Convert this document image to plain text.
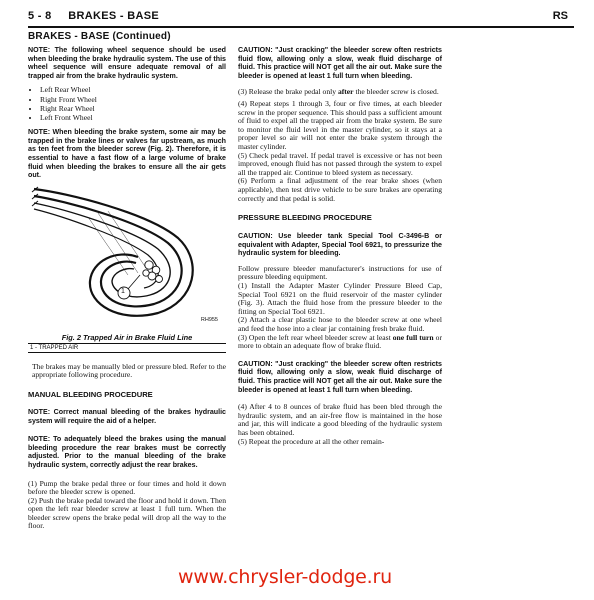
5 - 8     BRAKES - BASE	RS
BRAKES - BASE (Continued)

NOTE: The following wheel sequence should be used when bleeding the brake hydraulic system. The use of this wheel sequence will ensure adequate removal of all trapped air from the brake hydraulic system.

• Left Rear Wheel
• Right Front Wheel
• Right Rear Wheel
• Left Front Wheel

NOTE: When bleeding the brake system, some air may be trapped in the brake lines or valves far upstream, as much as ten feet from the bleeder screw (Fig. 2). Therefore, it is essential to have a fast flow of a large volume of brake fluid when bleeding the brakes to ensure all the air gets out.

1
RH955
Fig. 2 Trapped Air in Brake Fluid Line
1 - TRAPPED AIR

The brakes may be manually bled or pressure bled. Refer to the appropriate following procedure.

MANUAL BLEEDING PROCEDURE

NOTE: Correct manual bleeding of the brakes hydraulic system will require the aid of a helper.

NOTE: To adequately bleed the brakes using the manual bleeding procedure the rear brakes must be correctly adjusted. Prior to the manual bleeding of the brake hydraulic system, correctly adjust the rear brakes.

(1) Pump the brake pedal three or four times and hold it down before the bleeder screw is opened.

(2) Push the brake pedal toward the floor and hold it down. Then open the left rear bleeder screw at least 1 full turn. When the bleeder screw opens the brake pedal will drop all the way to the floor.

CAUTION: "Just cracking" the bleeder screw often restricts fluid flow, allowing only a slow, weak fluid discharge of fluid. This practice will NOT get all the air out. Make sure the bleeder is opened at least 1 full turn when bleeding.

(3) Release the brake pedal only after the bleeder screw is closed.

(4) Repeat steps 1 through 3, four or five times, at each bleeder screw in the proper sequence. This should pass a sufficient amount of fluid to expel all the trapped air from the brake system. Be sure to monitor the fluid level in the master cylinder, so it stays at a proper level so air will not enter the brake system through the master cylinder.

(5) Check pedal travel. If pedal travel is excessive or has not been improved, enough fluid has not passed through the system to expel all the trapped air. Continue to bleed system as necessary.

(6) Perform a final adjustment of the rear brake shoes (when applicable), then test drive vehicle to be sure brakes are operating correctly and that pedal is solid.

PRESSURE BLEEDING PROCEDURE

CAUTION: Use bleeder tank Special Tool C-3496-B or equivalent with Adapter, Special Tool 6921, to pressurize the hydraulic system for bleeding.

Follow pressure bleeder manufacturer's instructions for use of pressure bleeding equipment.

(1) Install the Adapter Master Cylinder Pressure Bleed Cap, Special Tool 6921 on the fluid reservoir of the master cylinder (Fig. 3). Attach the fluid hose from the pressure bleeder to the fitting on Special Tool 6921.

(2) Attach a clear plastic hose to the bleeder screw at one wheel and feed the hose into a clear jar containing fresh brake fluid.

(3) Open the left rear wheel bleeder screw at least one full turn or more to obtain an adequate flow of brake fluid.

CAUTION: "Just cracking" the bleeder screw often restricts fluid flow, allowing only a slow, weak fluid discharge of fluid. This practice will NOT get all the air out. Make sure the bleeder is opened at least 1 full turn when bleeding.

(4) After 4 to 8 ounces of brake fluid has been bled through the hydraulic system, and an air-free flow is maintained in the hose and jar, this will indicate a good bleeding of the hydraulic system has been obtained.

(5) Repeat the procedure at all the other remain-

www.chrysler-dodge.ru
